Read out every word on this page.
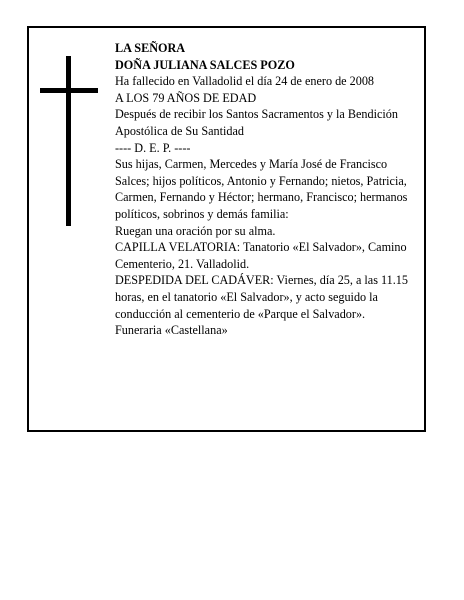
LA SEÑORA

DOÑA JULIANA SALCES POZO

Ha fallecido en Valladolid el día 24 de enero de 2008

A LOS 79 AÑOS DE EDAD

Después de recibir los Santos Sacramentos y la Bendición Apostólica de Su Santidad

---- D. E. P. ----

Sus hijas, Carmen, Mercedes y María José de Francisco Salces; hijos políticos, Antonio y Fernando; nietos, Patricia, Carmen, Fernando y Héctor; hermano, Francisco; hermanos políticos, sobrinos y demás familia:

Ruegan una oración por su alma.

CAPILLA VELATORIA: Tanatorio «El Salvador», Camino Cementerio, 21. Valladolid.

DESPEDIDA DEL CADÁVER: Viernes, día 25, a las 11.15 horas, en el tanatorio «El Salvador», y acto seguido la conducción al cementerio de «Parque el Salvador».

Funeraria «Castellana»
